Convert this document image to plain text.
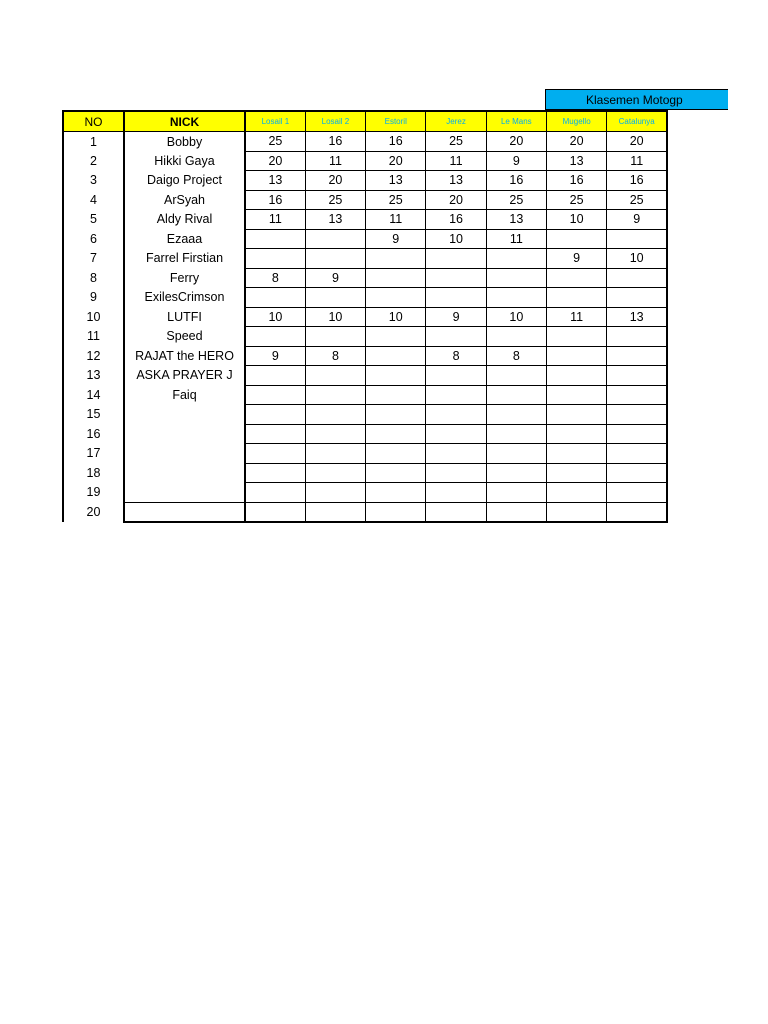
Klasemen Motogp
NO	NICK	Losail 1	Losail 2	Estoril	Jerez	Le Mans	Mugello	Catalunya
1	Bobby	25	16	16	25	20	20	20
2	Hikki Gaya	20	11	20	11	9	13	11
3	Daigo Project	13	20	13	13	16	16	16
4	ArSyah	16	25	25	20	25	25	25
5	Aldy Rival	11	13	11	16	13	10	9
6	Ezaaa			9	10	11		
7	Farrel Firstian						9	10
8	Ferry	8	9					
9	ExilesCrimson							
10	LUTFI	10	10	10	9	10	11	13
11	Speed							
12	RAJAT the HERO	9	8		8	8		
13	ASKA PRAYER J							
14	Faiq							
15								
16								
17								
18								
19								
20								
